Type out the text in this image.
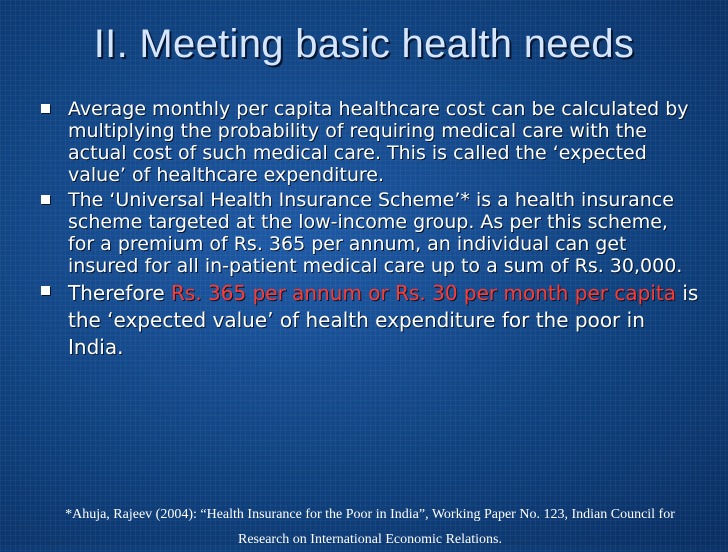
II. Meeting basic health needs
Average monthly per capita healthcare cost can be calculated by multiplying the probability of requiring medical care with the actual cost of such medical care. This is called the ‘expected value’ of healthcare expenditure.
The ‘Universal Health Insurance Scheme’* is a health insurance scheme targeted at the low-income group. As per this scheme, for a premium of Rs. 365 per annum, an individual can get insured for all in-patient medical care up to a sum of Rs. 30,000.
Therefore Rs. 365 per annum or Rs. 30 per month per capita is the ‘expected value’ of health expenditure for the poor in India.
*Ahuja, Rajeev (2004): “Health Insurance for the Poor in India”, Working Paper No. 123, Indian Council for Research on International Economic Relations.
